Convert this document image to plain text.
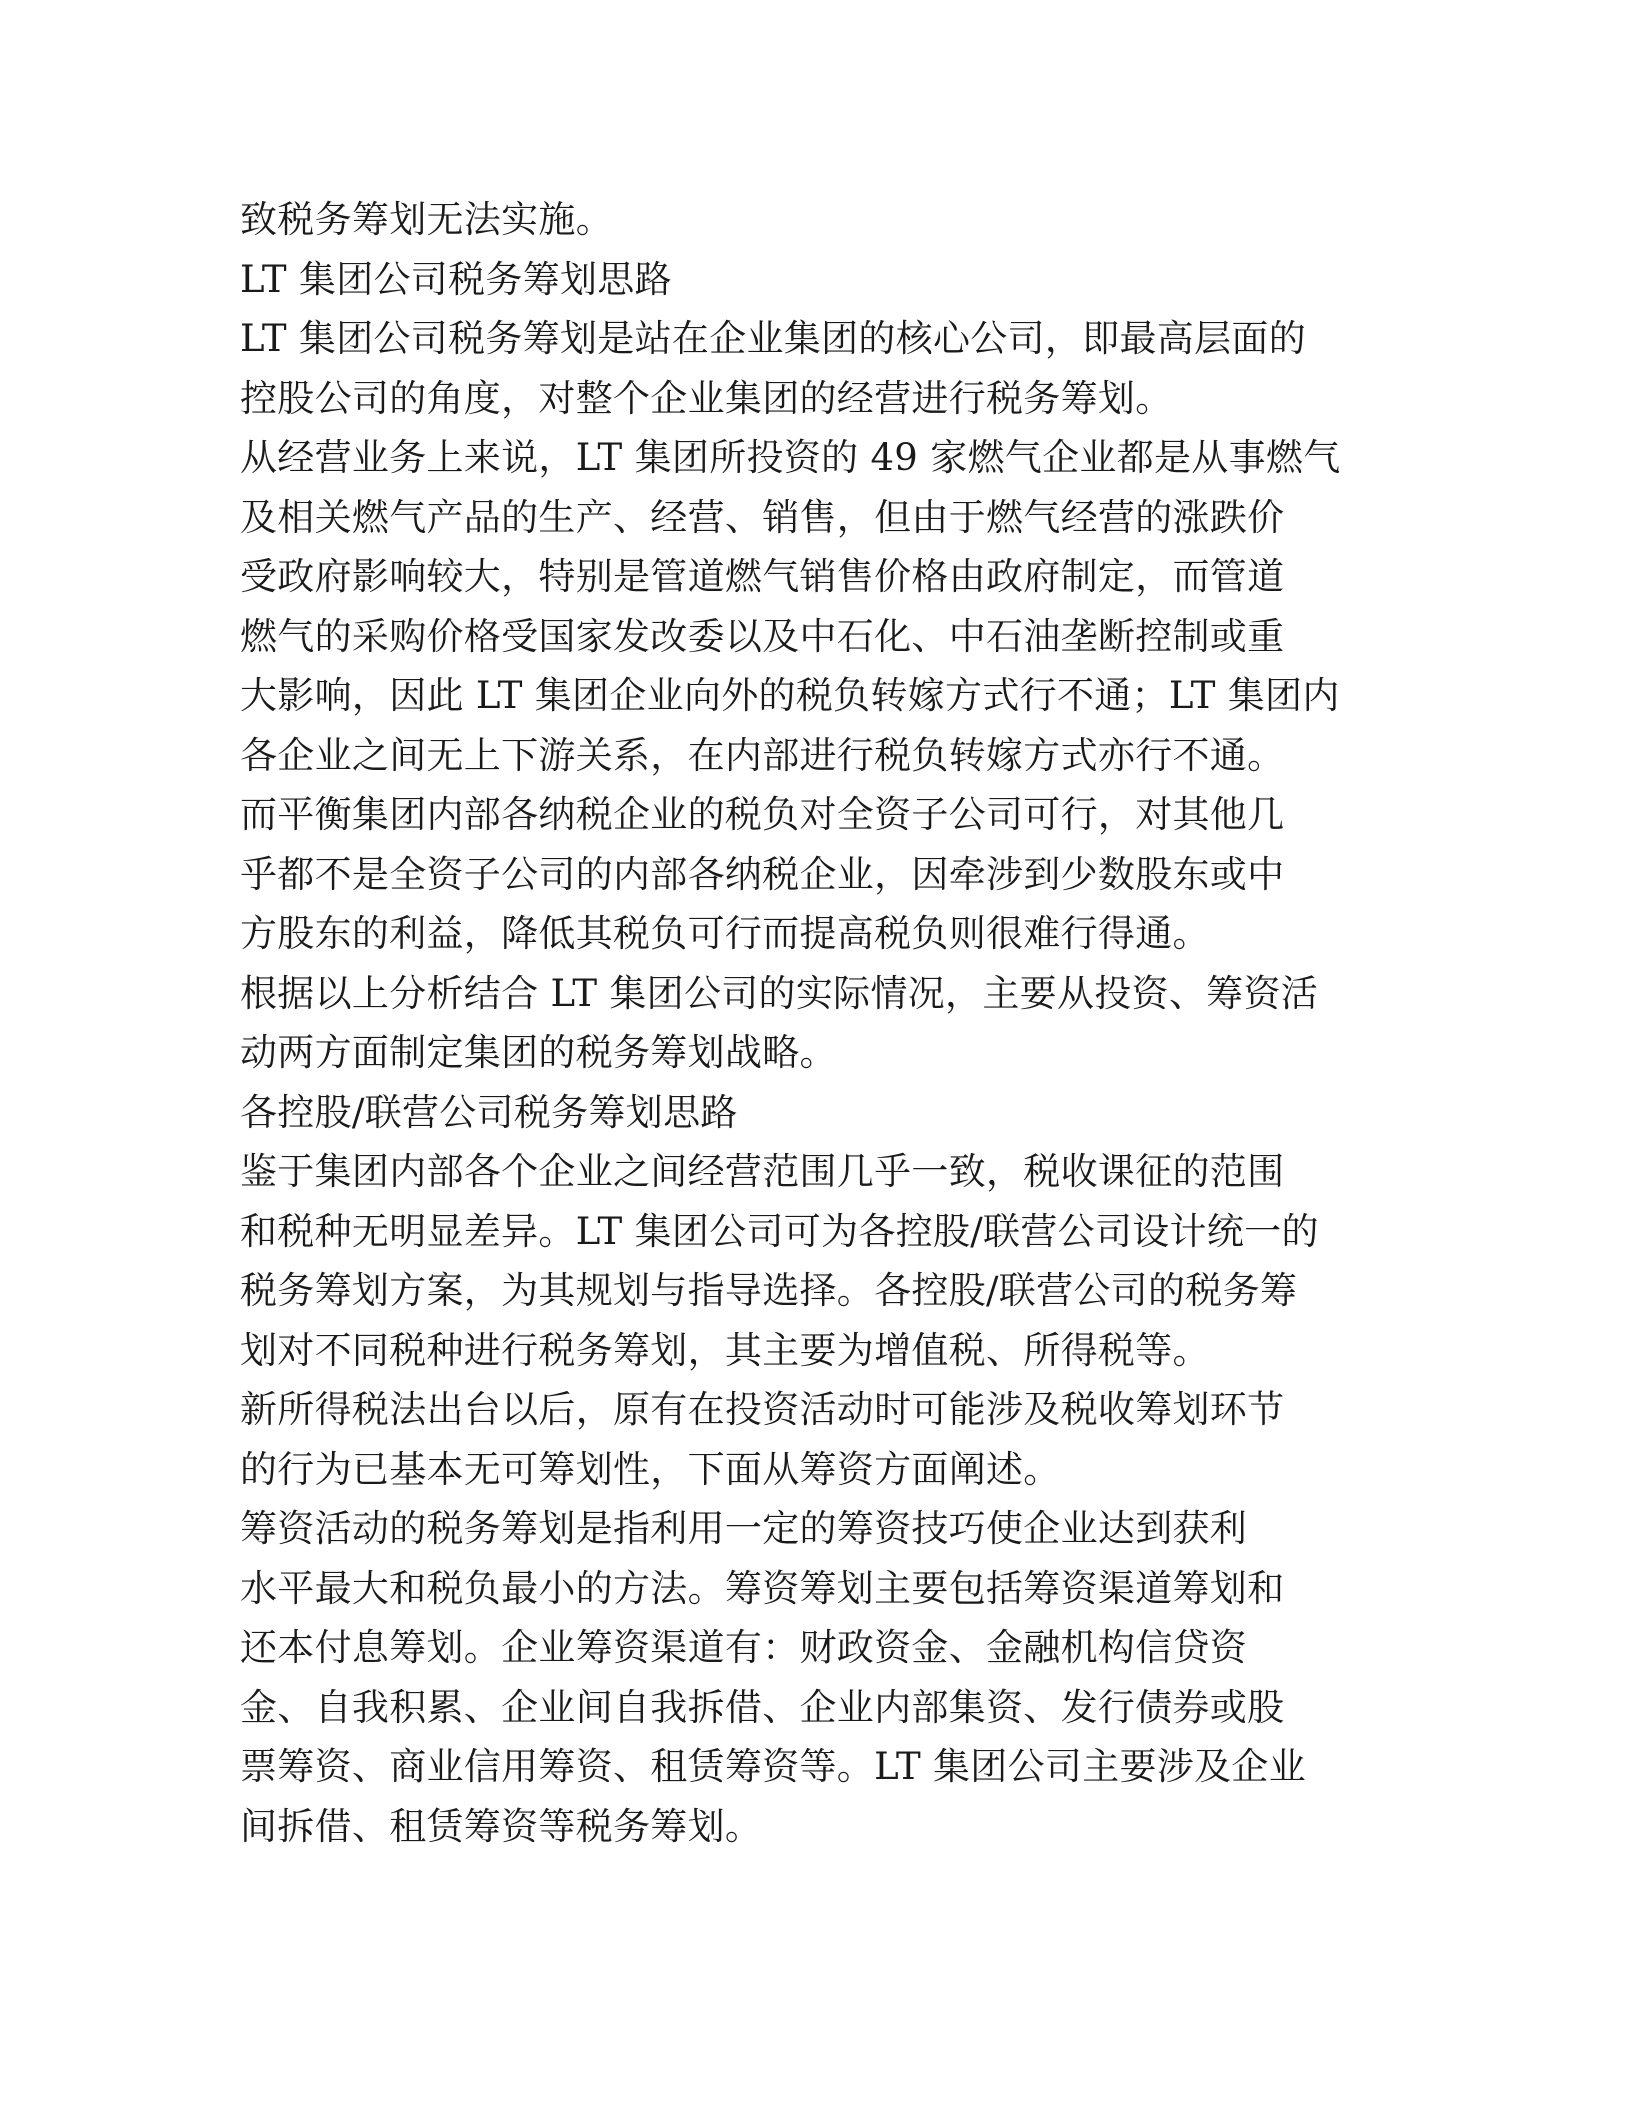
致税务筹划无法实施。
LT 集团公司税务筹划思路
LT 集团公司税务筹划是站在企业集团的核心公司，即最高层面的
控股公司的角度，对整个企业集团的经营进行税务筹划。
从经营业务上来说，LT 集团所投资的 49 家燃气企业都是从事燃气
及相关燃气产品的生产、经营、销售，但由于燃气经营的涨跌价
受政府影响较大，特别是管道燃气销售价格由政府制定，而管道
燃气的采购价格受国家发改委以及中石化、中石油垄断控制或重
大影响，因此 LT 集团企业向外的税负转嫁方式行不通；LT 集团内
各企业之间无上下游关系，在内部进行税负转嫁方式亦行不通。
而平衡集团内部各纳税企业的税负对全资子公司可行，对其他几
乎都不是全资子公司的内部各纳税企业，因牵涉到少数股东或中
方股东的利益，降低其税负可行而提高税负则很难行得通。
根据以上分析结合 LT 集团公司的实际情况，主要从投资、筹资活
动两方面制定集团的税务筹划战略。
各控股/联营公司税务筹划思路
鉴于集团内部各个企业之间经营范围几乎一致，税收课征的范围
和税种无明显差异。LT 集团公司可为各控股/联营公司设计统一的
税务筹划方案，为其规划与指导选择。各控股/联营公司的税务筹
划对不同税种进行税务筹划，其主要为增值税、所得税等。
新所得税法出台以后，原有在投资活动时可能涉及税收筹划环节
的行为已基本无可筹划性，下面从筹资方面阐述。
筹资活动的税务筹划是指利用一定的筹资技巧使企业达到获利
水平最大和税负最小的方法。筹资筹划主要包括筹资渠道筹划和
还本付息筹划。企业筹资渠道有：财政资金、金融机构信贷资
金、自我积累、企业间自我拆借、企业内部集资、发行债券或股
票筹资、商业信用筹资、租赁筹资等。LT 集团公司主要涉及企业
间拆借、租赁筹资等税务筹划。
